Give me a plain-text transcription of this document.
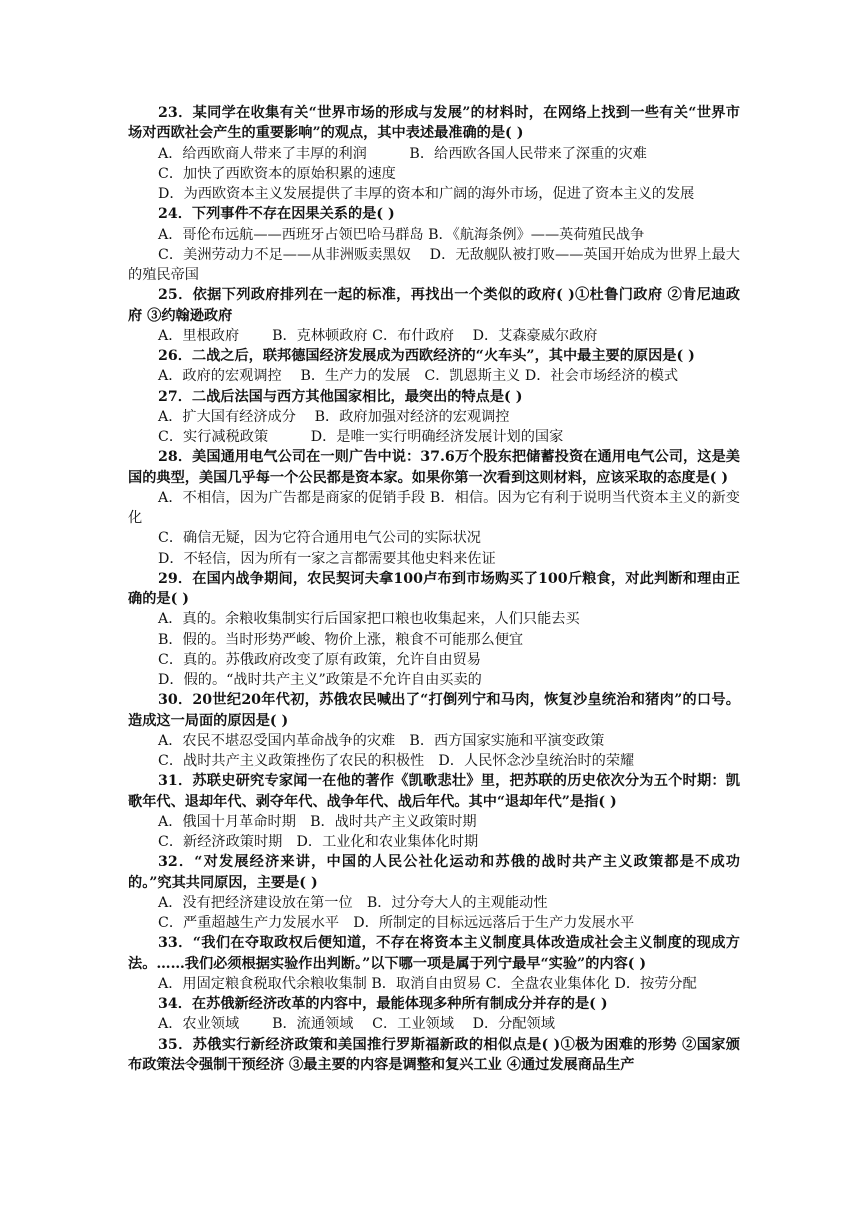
23．某同学在收集有关“世界市场的形成与发展”的材料时，在网络上找到一些有关“世界市场对西欧社会产生的重要影响”的观点，其中表述最准确的是( )

A．给西欧商人带来了丰厚的利润　　　B．给西欧各国人民带来了深重的灾难

C．加快了西欧资本的原始积累的速度

D．为西欧资本主义发展提供了丰厚的资本和广阔的海外市场，促进了资本主义的发展

24．下列事件不存在因果关系的是( )

A．哥伦布远航——西班牙占领巴哈马群岛 B．《航海条例》——英荷殖民战争

C．美洲劳动力不足——从非洲贩卖黑奴　 D．无敌舰队被打败——英国开始成为世界上最大的殖民帝国

25．依据下列政府排列在一起的标准，再找出一个类似的政府( )①杜鲁门政府 ②肯尼迪政府 ③约翰逊政府

A．里根政府　　 B．克林顿政府 C．布什政府　 D．艾森豪威尔政府

26．二战之后，联邦德国经济发展成为西欧经济的“火车头”，其中最主要的原因是( )

A．政府的宏观调控　 B．生产力的发展　C．凯恩斯主义 D．社会市场经济的模式

27．二战后法国与西方其他国家相比，最突出的特点是( )

A．扩大国有经济成分　 B．政府加强对经济的宏观调控

C．实行减税政策　　　D．是唯一实行明确经济发展计划的国家

28．美国通用电气公司在一则广告中说：37.6万个股东把储蓄投资在通用电气公司，这是美国的典型，美国几乎每一个公民都是资本家。如果你第一次看到这则材料，应该采取的态度是( )

A．不相信，因为广告都是商家的促销手段 B．相信。因为它有利于说明当代资本主义的新变化

C．确信无疑，因为它符合通用电气公司的实际状况

D．不轻信，因为所有一家之言都需要其他史料来佐证

29．在国内战争期间，农民契诃夫拿100卢布到市场购买了100斤粮食，对此判断和理由正确的是( )

A．真的。余粮收集制实行后国家把口粮也收集起来，人们只能去买

B．假的。当时形势严峻、物价上涨，粮食不可能那么便宜

C．真的。苏俄政府改变了原有政策，允许自由贸易

D．假的。“战时共产主义”政策是不允许自由买卖的

30．20世纪20年代初，苏俄农民喊出了“打倒列宁和马肉，恢复沙皇统治和猪肉”的口号。造成这一局面的原因是( )

A．农民不堪忍受国内革命战争的灾难　B．西方国家实施和平演变政策

C．战时共产主义政策挫伤了农民的积极性　D．人民怀念沙皇统治时的荣耀

31．苏联史研究专家闻一在他的著作《凯歌悲壮》里，把苏联的历史依次分为五个时期：凯歌年代、退却年代、剥夺年代、战争年代、战后年代。其中“退却年代”是指( )

A．俄国十月革命时期　B．战时共产主义政策时期

C．新经济政策时期　D．工业化和农业集体化时期

32．“对发展经济来讲，中国的人民公社化运动和苏俄的战时共产主义政策都是不成功的。”究其共同原因，主要是( )

A．没有把经济建设放在第一位　B．过分夸大人的主观能动性

C．严重超越生产力发展水平　D．所制定的目标远远落后于生产力发展水平

33．“我们在夺取政权后便知道，不存在将资本主义制度具体改造成社会主义制度的现成方法。……我们必须根据实验作出判断。”以下哪一项是属于列宁最早“实验”的内容( )

A．用固定粮食税取代余粮收集制 B．取消自由贸易 C．全盘农业集体化 D．按劳分配

34．在苏俄新经济改革的内容中，最能体现多种所有制成分并存的是( )

A．农业领域　　 B．流通领域　 C．工业领域　 D．分配领域

35．苏俄实行新经济政策和美国推行罗斯福新政的相似点是( )①极为困难的形势 ②国家颁布政策法令强制干预经济 ③最主要的内容是调整和复兴工业 ④通过发展商品生产
